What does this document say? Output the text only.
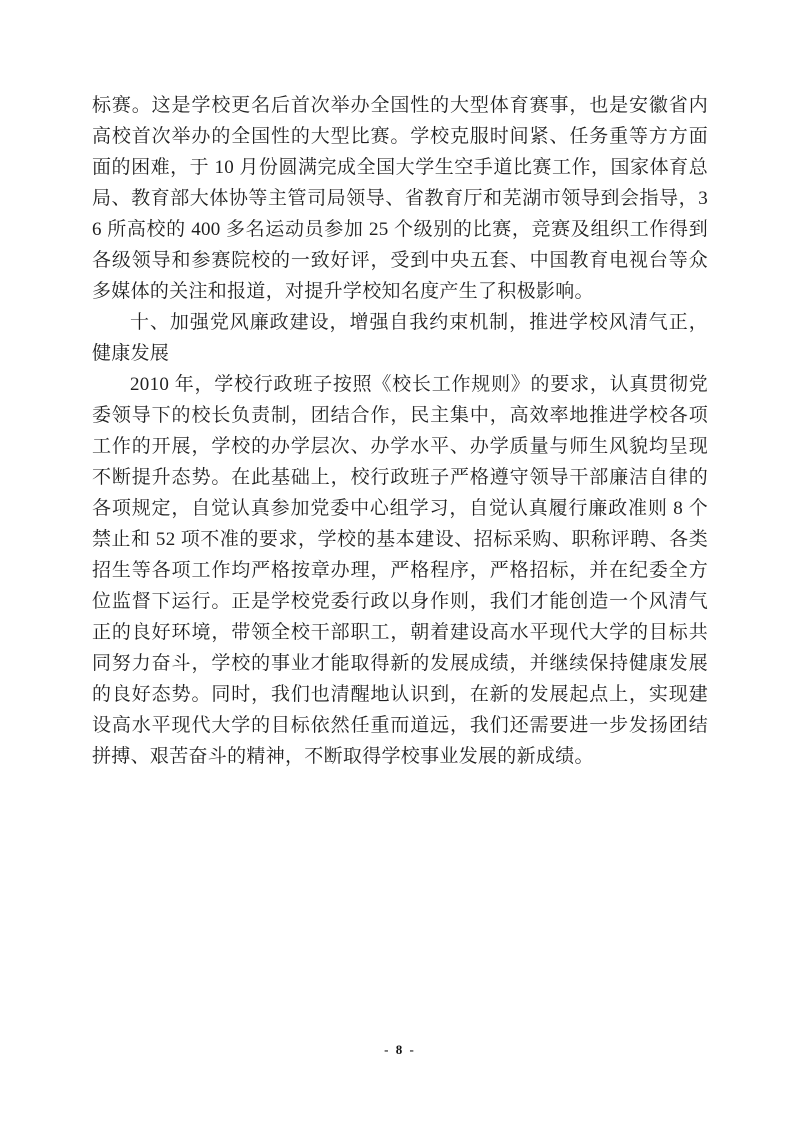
标赛。这是学校更名后首次举办全国性的大型体育赛事，也是安徽省内高校首次举办的全国性的大型比赛。学校克服时间紧、任务重等方方面面的困难，于 10 月份圆满完成全国大学生空手道比赛工作，国家体育总局、教育部大体协等主管司局领导、省教育厅和芜湖市领导到会指导，36 所高校的 400 多名运动员参加 25 个级别的比赛，竞赛及组织工作得到各级领导和参赛院校的一致好评，受到中央五套、中国教育电视台等众多媒体的关注和报道，对提升学校知名度产生了积极影响。

十、加强党风廉政建设，增强自我约束机制，推进学校风清气正，健康发展

2010 年，学校行政班子按照《校长工作规则》的要求，认真贯彻党委领导下的校长负责制，团结合作，民主集中，高效率地推进学校各项工作的开展，学校的办学层次、办学水平、办学质量与师生风貌均呈现不断提升态势。在此基础上，校行政班子严格遵守领导干部廉洁自律的各项规定，自觉认真参加党委中心组学习，自觉认真履行廉政准则 8 个禁止和 52 项不准的要求，学校的基本建设、招标采购、职称评聘、各类招生等各项工作均严格按章办理，严格程序，严格招标，并在纪委全方位监督下运行。正是学校党委行政以身作则，我们才能创造一个风清气正的良好环境，带领全校干部职工，朝着建设高水平现代大学的目标共同努力奋斗，学校的事业才能取得新的发展成绩，并继续保持健康发展的良好态势。同时，我们也清醒地认识到，在新的发展起点上，实现建设高水平现代大学的目标依然任重而道远，我们还需要进一步发扬团结拼搏、艰苦奋斗的精神，不断取得学校事业发展的新成绩。

- 8 -
